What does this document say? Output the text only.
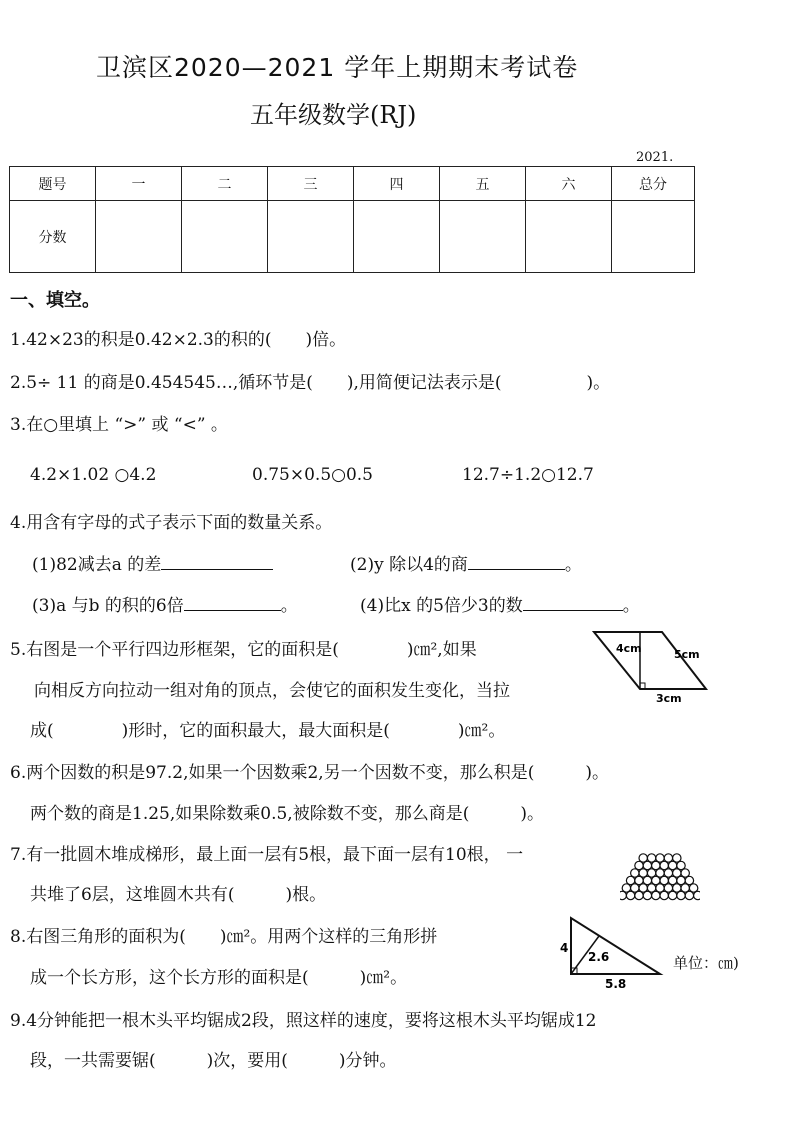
卫滨区2020—2021 学年上期期末考试卷
五年级数学(RJ)
2021.
题号	一	二	三	四	五	六	总分
分数							
一、填空。
1.42×23的积是0.42×2.3的积的(　　)倍。
2.5÷ 11 的商是0.454545…,循环节是(　　),用简便记法表示是(　　　　　)。
3.在○里填上 “>” 或 “<” 。
4.2×1.02 ○4.2	0.75×0.5○0.5	12.7÷1.2○12.7
4.用含有字母的式子表示下面的数量关系。
(1)82减去a 的差	(2)y 除以4的商	。
(3)a 与b 的积的6倍	。	(4)比x 的5倍少3的数	。
5.右图是一个平行四边形框架，它的面积是(　　　　)㎝²,如果
向相反方向拉动一组对角的顶点，会使它的面积发生变化，当拉
成(　　　　)形时，它的面积最大，最大面积是(　　　　)㎝²。
4cm	5cm
3cm
6.两个因数的积是97.2,如果一个因数乘2,另一个因数不变，那么积是(　　　)。
两个数的商是1.25,如果除数乘0.5,被除数不变，那么商是(　　　)。
7.有一批圆木堆成梯形，最上面一层有5根，最下面一层有10根， 一
共堆了6层，这堆圆木共有(　　　)根。
8.右图三角形的面积为(　　)㎝²。用两个这样的三角形拼
成一个长方形，这个长方形的面积是(　　　)㎝²。
4
2.6
5.8
单位：㎝)
9.4分钟能把一根木头平均锯成2段，照这样的速度，要将这根木头平均锯成12
段，一共需要锯(　　　)次，要用(　　　)分钟。
